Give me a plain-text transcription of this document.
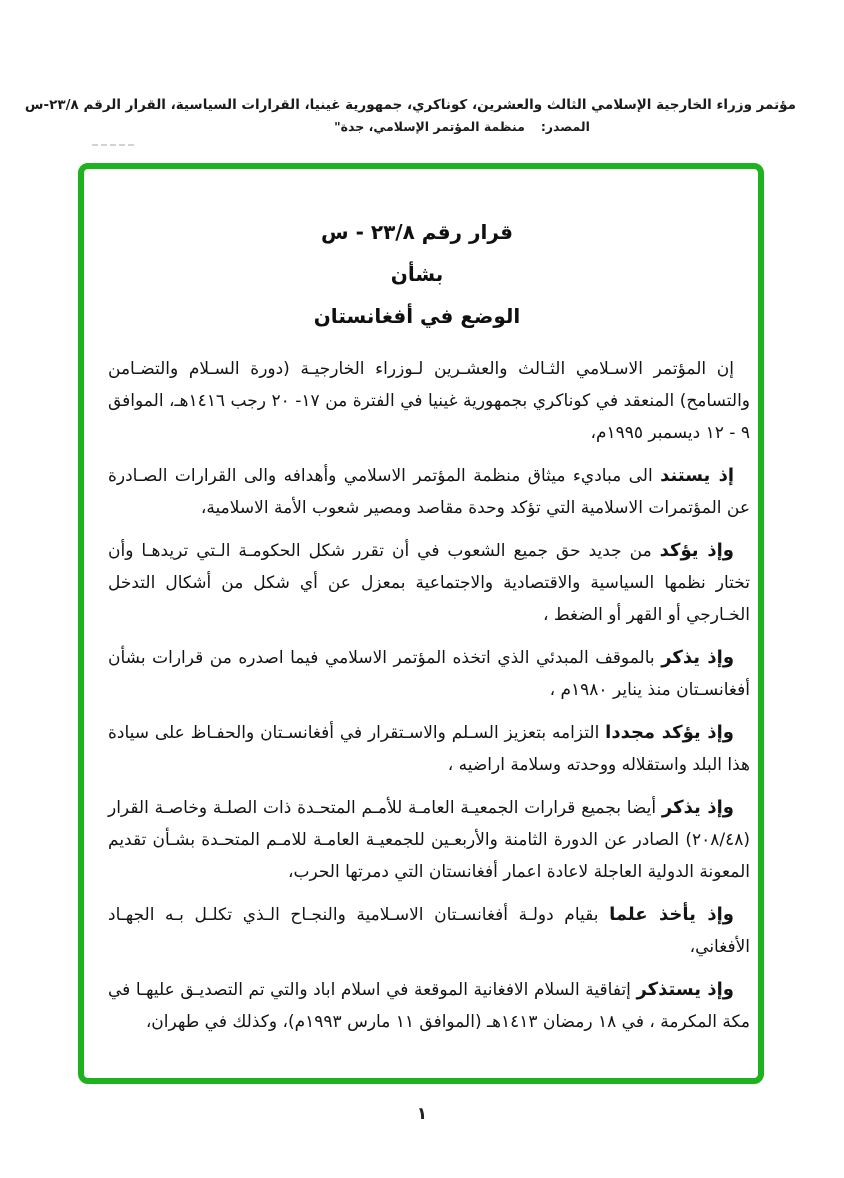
مؤتمر وزراء الخارجية الإسلامي الثالث والعشرين، كوناكري، جمهورية غينيا، القرارات السياسية، القرار الرقم ٢٣/٨-س
المصدر:منظمة المؤتمر الإسلامي، جدة"
قرار رقم ٢٣/٨ - س
بشأن
الوضع في أفغانستان

إن المؤتمر الاسـلامي الثـالث والعشـرين لـوزراء الخارجيـة (دورة السـلام والتضـامن والتسامح) المنعقد في كوناكري بجمهورية غينيا في الفترة من ١٧- ٢٠ رجب ١٤١٦هـ، الموافق ٩ - ١٢ ديسمبر ١٩٩٥م،

إذ يستند الى مباديء ميثاق منظمة المؤتمر الاسلامي وأهدافه والى القرارات الصـادرة عن المؤتمرات الاسلامية التي تؤكد وحدة مقاصد ومصير شعوب الأمة الاسلامية،

وإذ يؤكد من جديد حق جميع الشعوب في أن تقرر شكل الحكومـة الـتي تريدهـا وأن تختار نظمها السياسية والاقتصادية والاجتماعية بمعزل عن أي شكل من أشكال التدخل الخـارجي أو القهر أو الضغط ،

وإذ يذكر بالموقف المبدئي الذي اتخذه المؤتمر الاسلامي فيما اصدره من قرارات بشأن أفغانسـتان منذ يناير ١٩٨٠م ،

وإذ يؤكد مجددا التزامه بتعزيز السـلم والاسـتقرار في أفغانسـتان والحفـاظ على سيادة هذا البلد واستقلاله ووحدته وسلامة اراضيه ،

وإذ يذكر أيضا بجميع قرارات الجمعيـة العامـة للأمـم المتحـدة ذات الصلـة وخاصـة القرار (٢٠٨/٤٨) الصادر عن الدورة الثامنة والأربعـين للجمعيـة العامـة للامـم المتحـدة بشـأن تقديم المعونة الدولية العاجلة لاعادة اعمار أفغانستان التي دمرتها الحرب،

وإذ يأخذ علما بقيام دولـة أفغانسـتان الاسـلامية والنجـاح الـذي تكلـل بـه الجهـاد الأفغاني،

وإذ يستذكر إتفاقية السلام الافغانية الموقعة في اسلام اباد والتي تم التصديـق عليهـا في مكة المكرمة ، في ١٨ رمضان ١٤١٣هـ (الموافق ١١ مارس ١٩٩٣م)، وكذلك في طهران،

١
